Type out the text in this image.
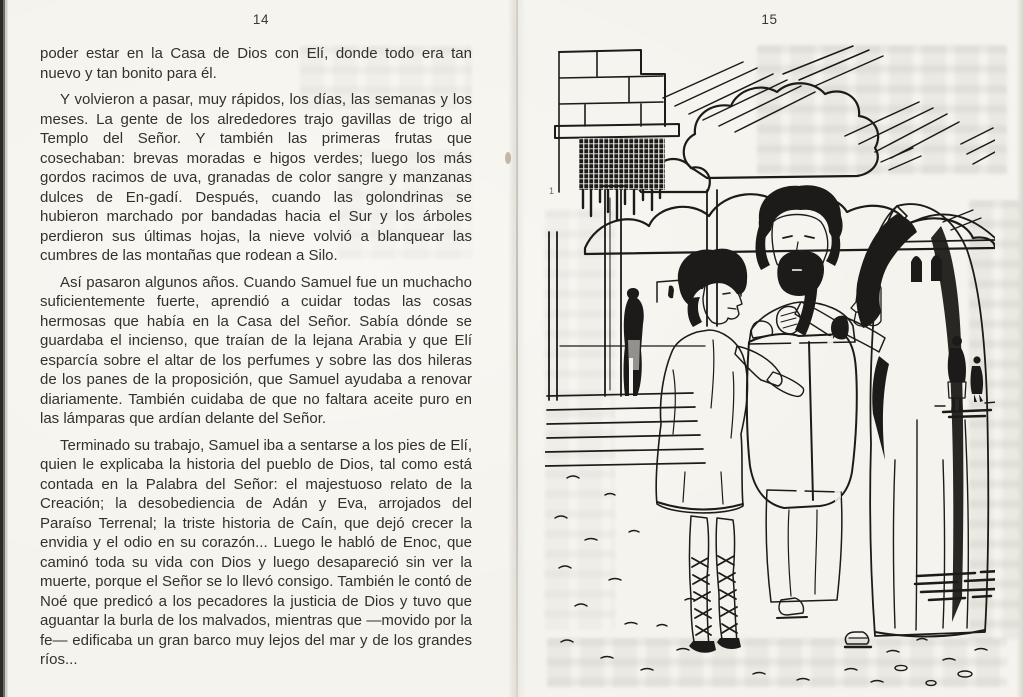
14

poder estar en la Casa de Dios con Elí, donde todo era tan nuevo y tan bonito para él.

Y volvieron a pasar, muy rápidos, los días, las semanas y los meses. La gente de los alrededores trajo gavillas de trigo al Templo del Señor. Y también las primeras frutas que cosechaban: brevas moradas e higos verdes; luego los más gordos racimos de uva, granadas de color sangre y manzanas dulces de En-gadí. Después, cuando las golondrinas se hubieron marchado por bandadas hacia el Sur y los árboles perdieron sus últimas hojas, la nieve volvió a blanquear las cumbres de las montañas que rodean a Silo.

Así pasaron algunos años. Cuando Samuel fue un muchacho suficientemente fuerte, aprendió a cuidar todas las cosas hermosas que había en la Casa del Señor. Sabía dónde se guardaba el incienso, que traían de la lejana Arabia y que Elí esparcía sobre el altar de los perfumes y sobre las dos hileras de los panes de la proposición, que Samuel ayudaba a renovar diariamente. También cuidaba de que no faltara aceite puro en las lámparas que ardían delante del Señor.

Terminado su trabajo, Samuel iba a sentarse a los pies de Elí, quien le explicaba la historia del pueblo de Dios, tal como está contada en la Palabra del Señor: el majestuoso relato de la Creación; la desobediencia de Adán y Eva, arrojados del Paraíso Terrenal; la triste historia de Caín, que dejó crecer la envidia y el odio en su corazón... Luego le habló de Enoc, que caminó toda su vida con Dios y luego desapareció sin ver la muerte, porque el Señor se lo llevó consigo. También le contó de Noé que predicó a los pecadores la justicia de Dios y tuvo que aguantar la burla de los malvados, mientras que —movido por la fe— edificaba un gran barco muy lejos del mar y de los grandes ríos...

15
1
